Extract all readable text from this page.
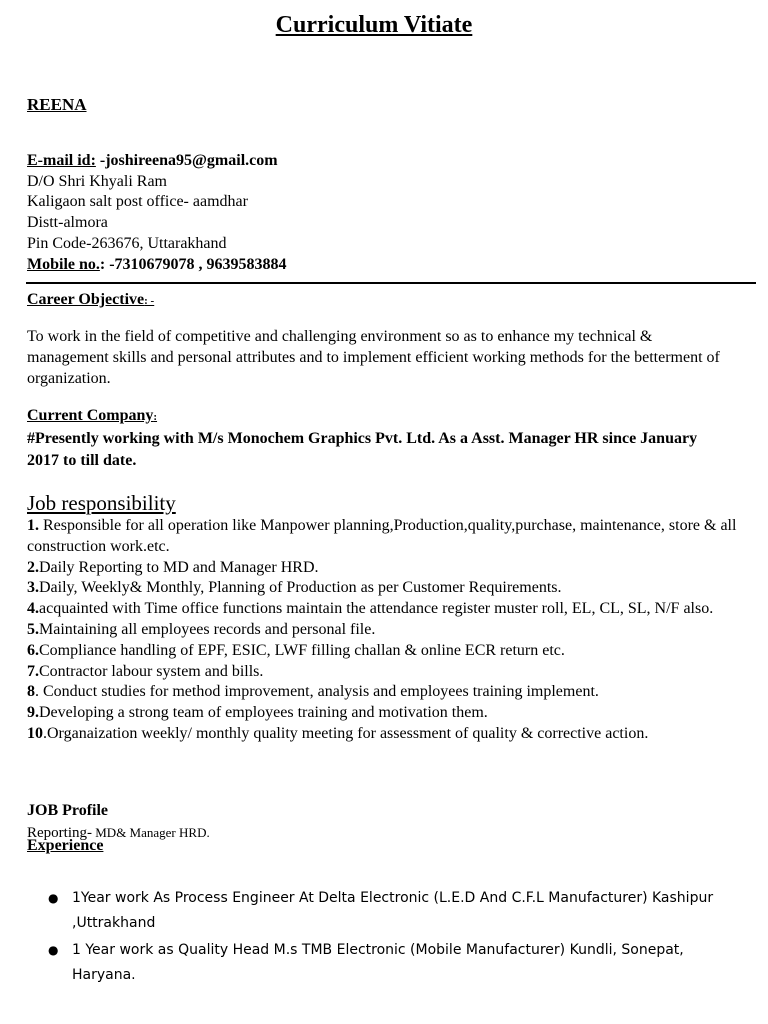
Curriculum Vitiate
REENA
E-mail id: -joshireena95@gmail.com
D/O Shri Khyali Ram
Kaligaon salt post office- aamdhar
Distt-almora
Pin Code-263676, Uttarakhand
Mobile no.: -7310679078 , 9639583884
Career Objective: -
To work in the field of competitive and challenging environment so as to enhance my technical & management skills and personal attributes and to implement efficient working methods for the betterment of organization.
Current Company:
#Presently working with M/s Monochem Graphics Pvt. Ltd. As a Asst. Manager HR since January 2017 to till date.
Job responsibility

1. Responsible for all operation like Manpower planning,Production,quality,purchase, maintenance, store & all construction work.etc.

2.Daily Reporting to MD and Manager HRD.

3.Daily, Weekly& Monthly, Planning of Production as per Customer Requirements.

4.acquainted with Time office functions maintain the attendance register muster roll, EL, CL, SL, N/F also.

5.Maintaining all employees records and personal file.

6.Compliance handling of EPF, ESIC, LWF filling challan & online ECR return etc.

7.Contractor labour system and bills.

8. Conduct studies for method improvement, analysis and employees training implement.

9.Developing a strong team of employees training and motivation them.

10.Organaization weekly/ monthly quality meeting for assessment of quality & corrective action.

JOB Profile
Reporting- MD& Manager HRD.
Experience
● 1Year work As Process Engineer At Delta Electronic (L.E.D And C.F.L Manufacturer) Kashipur ,Uttrakhand
● 1 Year work as Quality Head M.s TMB Electronic (Mobile Manufacturer) Kundli, Sonepat, Haryana.
